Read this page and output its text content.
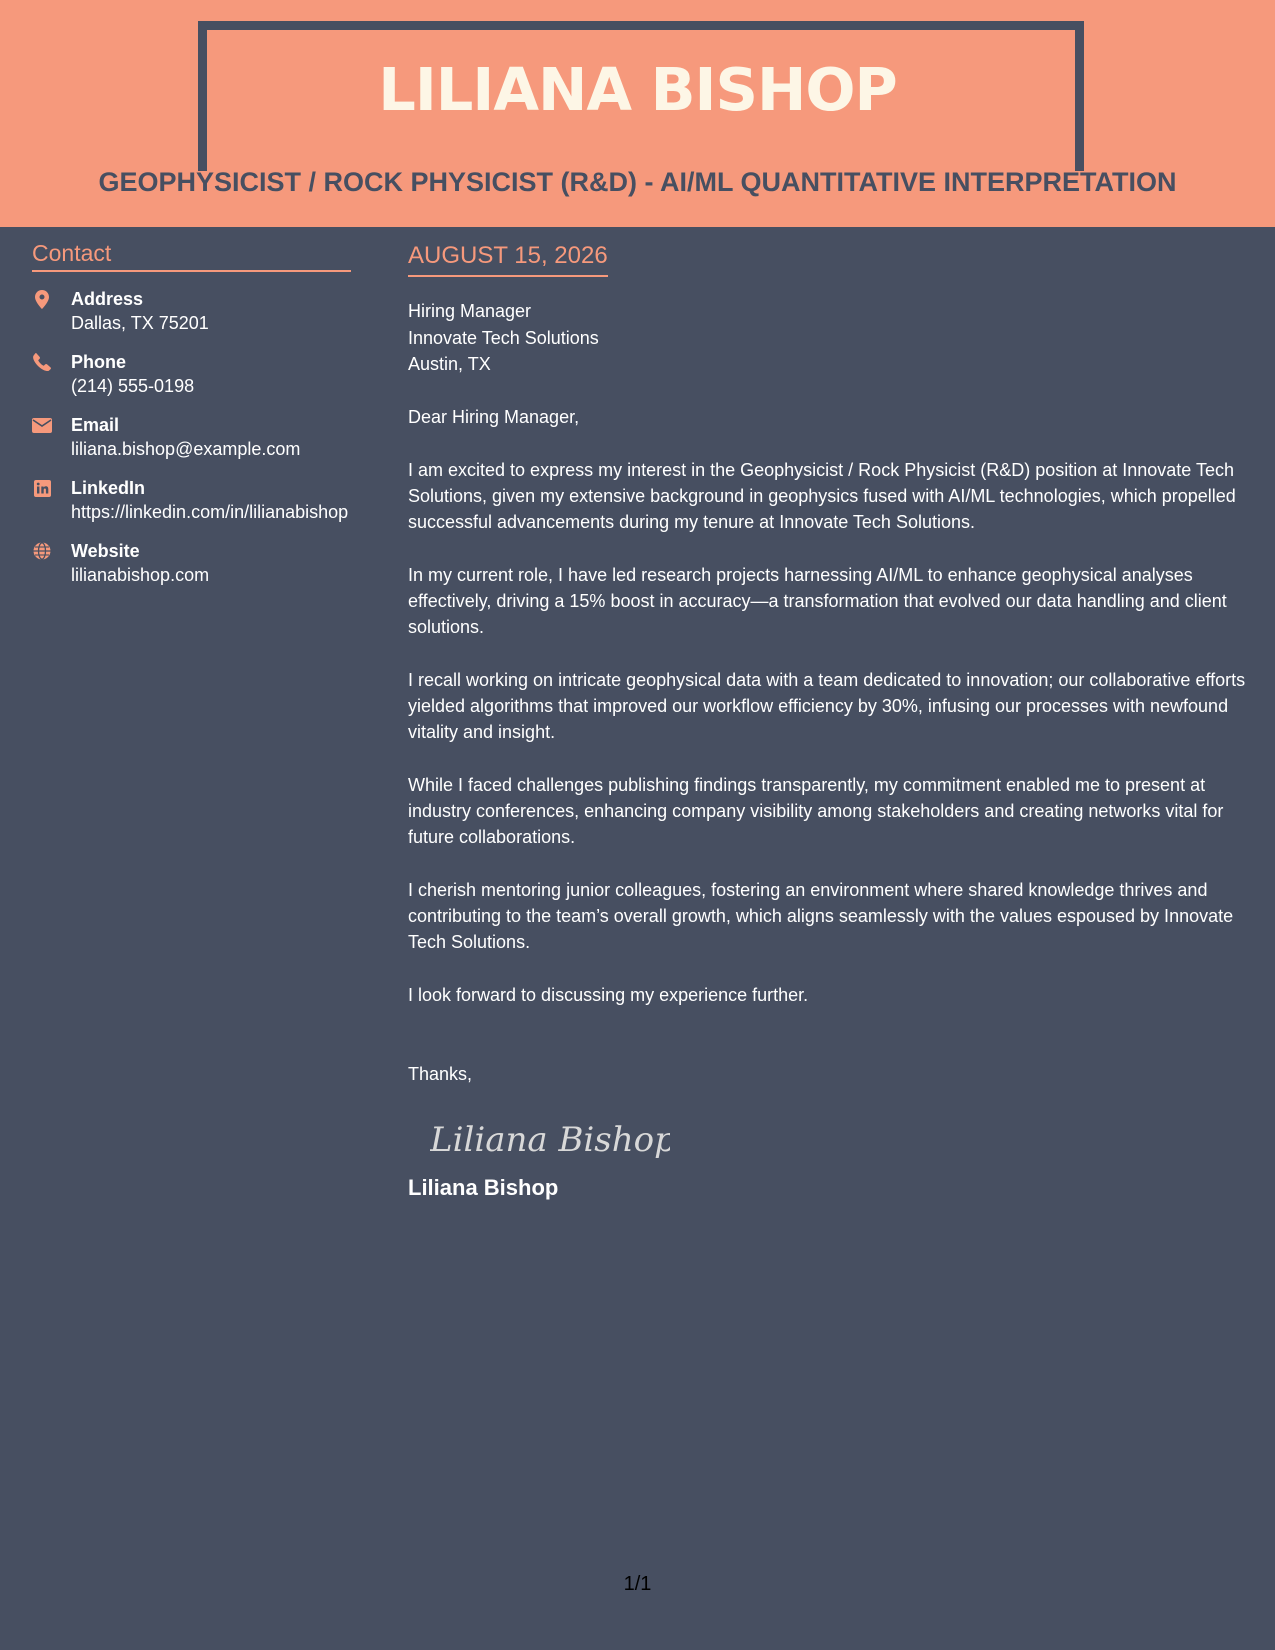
LILIANA BISHOP
GEOPHYSICIST / ROCK PHYSICIST (R&D) - AI/ML QUANTITATIVE INTERPRETATION
Contact
Address
Dallas, TX 75201
Phone
(214) 555-0198
Email
liliana.bishop@example.com
LinkedIn
https://linkedin.com/in/lilianabishop
Website
lilianabishop.com
AUGUST 15, 2026
Hiring Manager
Innovate Tech Solutions
Austin, TX
Dear Hiring Manager,
I am excited to express my interest in the Geophysicist / Rock Physicist (R&D) position at Innovate Tech Solutions, given my extensive background in geophysics fused with AI/ML technologies, which propelled successful advancements during my tenure at Innovate Tech Solutions.
In my current role, I have led research projects harnessing AI/ML to enhance geophysical analyses effectively, driving a 15% boost in accuracy—a transformation that evolved our data handling and client solutions.
I recall working on intricate geophysical data with a team dedicated to innovation; our collaborative efforts yielded algorithms that improved our workflow efficiency by 30%, infusing our processes with newfound vitality and insight.
While I faced challenges publishing findings transparently, my commitment enabled me to present at industry conferences, enhancing company visibility among stakeholders and creating networks vital for future collaborations.
I cherish mentoring junior colleagues, fostering an environment where shared knowledge thrives and contributing to the team’s overall growth, which aligns seamlessly with the values espoused by Innovate Tech Solutions.
I look forward to discussing my experience further.
Thanks,
Liliana Bishop
Liliana Bishop
1/1
